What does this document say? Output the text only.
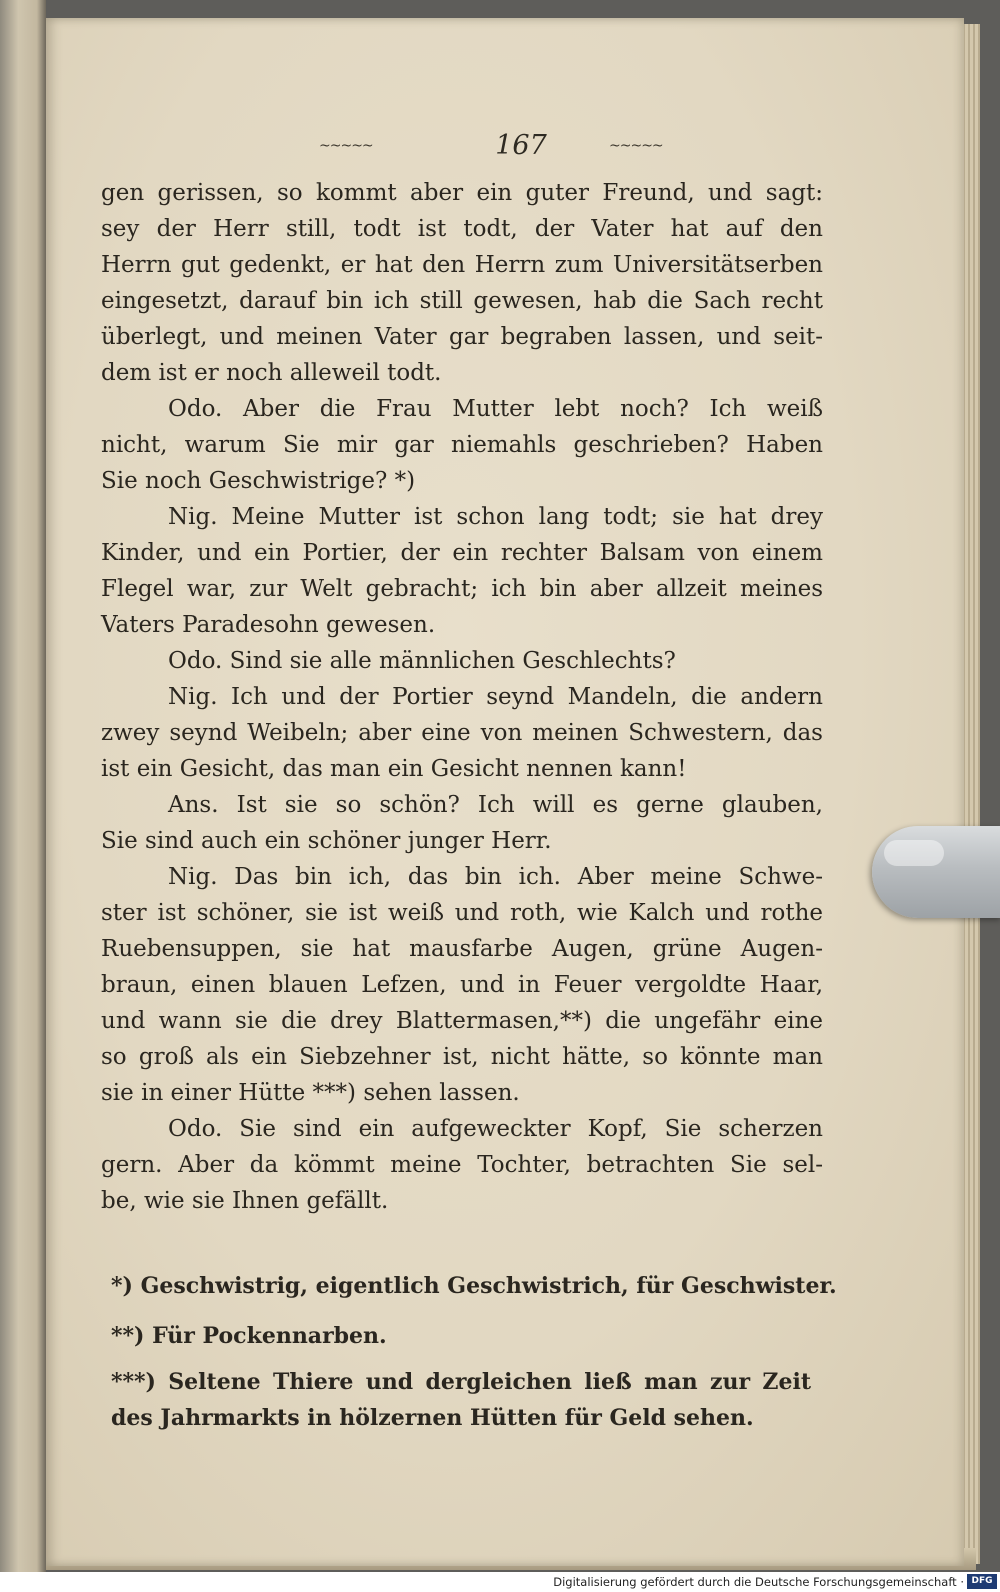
~~~~~	167	~~~~~
gen gerissen, so kommt aber ein guter Freund, und sagt:
sey der Herr still, todt ist todt, der Vater hat auf den
Herrn gut gedenkt, er hat den Herrn zum Universitätserben
eingesetzt, darauf bin ich still gewesen, hab die Sach recht
überlegt, und meinen Vater gar begraben lassen, und seit-
dem ist er noch alleweil todt.
Odo. Aber die Frau Mutter lebt noch? Ich weiß
nicht, warum Sie mir gar niemahls geschrieben? Haben
Sie noch Geschwistrige? *)
Nig. Meine Mutter ist schon lang todt; sie hat drey
Kinder, und ein Portier, der ein rechter Balsam von einem
Flegel war, zur Welt gebracht; ich bin aber allzeit meines
Vaters Paradesohn gewesen.
Odo. Sind sie alle männlichen Geschlechts?
Nig. Ich und der Portier seynd Mandeln, die andern
zwey seynd Weibeln; aber eine von meinen Schwestern, das
ist ein Gesicht, das man ein Gesicht nennen kann!
Ans. Ist sie so schön? Ich will es gerne glauben,
Sie sind auch ein schöner junger Herr.
Nig. Das bin ich, das bin ich. Aber meine Schwe-
ster ist schöner, sie ist weiß und roth, wie Kalch und rothe
Ruebensuppen, sie hat mausfarbe Augen, grüne Augen-
braun, einen blauen Lefzen, und in Feuer vergoldte Haar,
und wann sie die drey Blattermasen,**) die ungefähr eine
so groß als ein Siebzehner ist, nicht hätte, so könnte man
sie in einer Hütte ***) sehen lassen.
Odo. Sie sind ein aufgeweckter Kopf, Sie scherzen
gern. Aber da kömmt meine Tochter, betrachten Sie sel-
be, wie sie Ihnen gefällt.
*) Geschwistrig, eigentlich Geschwistrich, für Geschwister.
**) Für Pockennarben.
***) Seltene Thiere und dergleichen ließ man zur Zeit
des Jahrmarkts in hölzernen Hütten für Geld sehen.
Digitalisierung gefördert durch die Deutsche Forschungsgemeinschaft · DFG
